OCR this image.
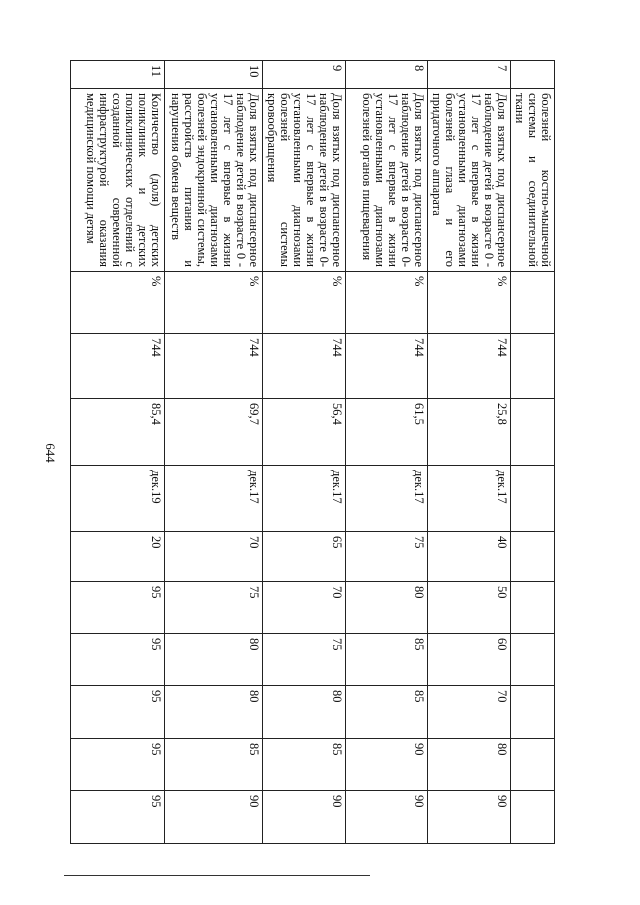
644
	болезней костно-мышечной системы и соединительной ткани										
7	Доля взятых под диспансерное наблюдение детей в возрасте 0 - 17 лет с впервые в жизни установленными диагнозами болезней глаза и его придаточного аппарата	%	744	25,8	дек.17	40	50	60	70	80	90
8	Доля взятых под диспансерное наблюдение детей в возрасте 0-17 лет с впервые в жизни установленными диагнозами болезней органов пищеварения	%	744	61,5	дек.17	75	80	85	85	90	90
9	Доля взятых под диспансерное наблюдение детей в возрасте 0-17 лет с впервые в жизни установленными диагнозами болезней системы кровообращения	%	744	56,4	дек.17	65	70	75	80	85	90
10	Доля взятых под диспансерное наблюдение детей в возрасте 0 - 17 лет с впервые в жизни установленными диагнозами болезней эндокринной системы, расстройств питания и нарушения обмена веществ	%	744	69,7	дек.17	70	75	80	80	85	90
11	Количество (доля) детских поликлиник и детских поликлинических отделений с созданной современной инфраструктурой оказания медицинской помощи детям	%	744	85,4	дек.19	20	95	95	95	95	95
